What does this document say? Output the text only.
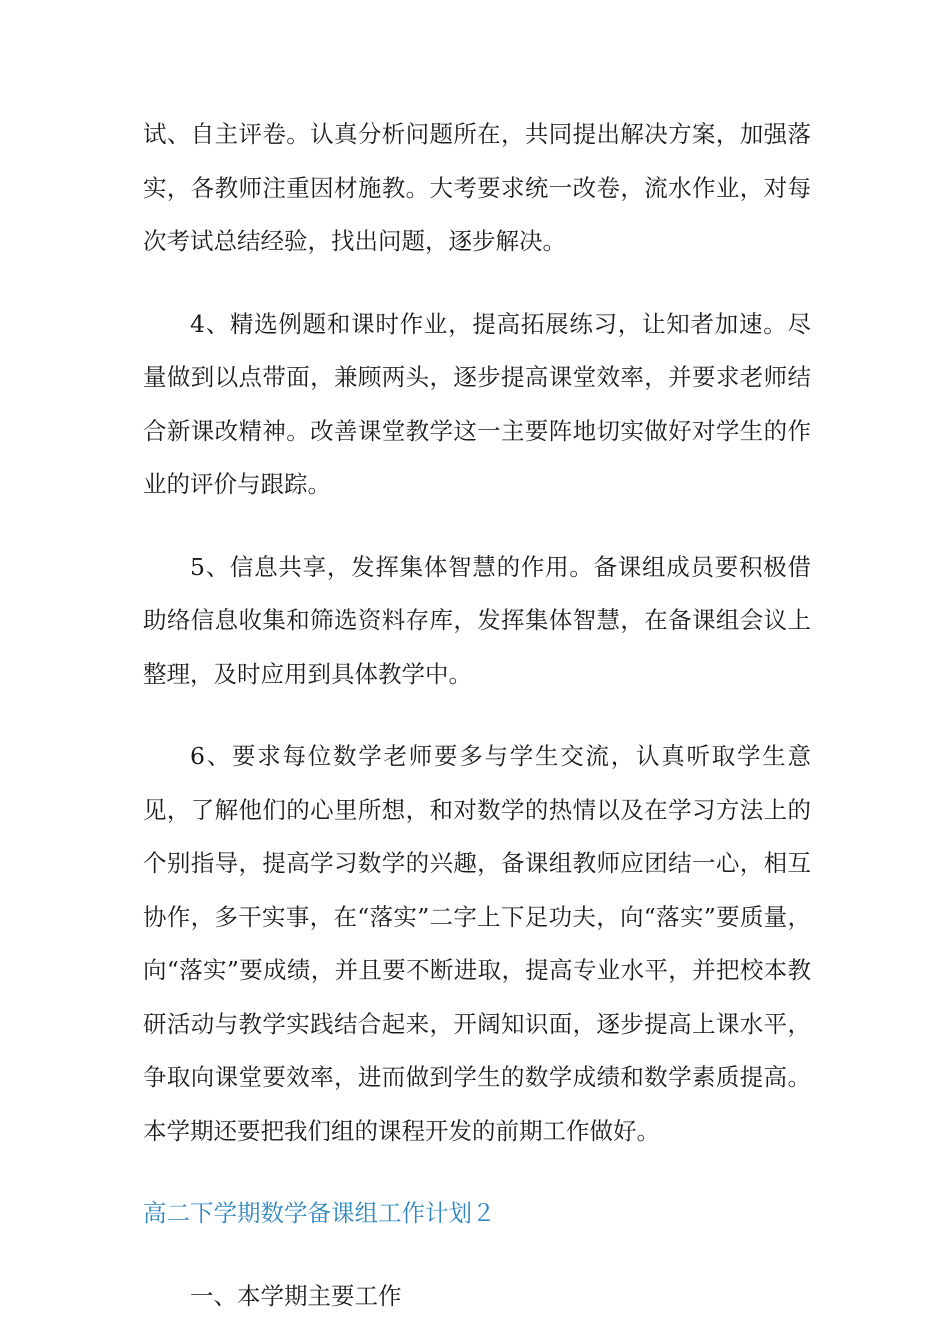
试、自主评卷。认真分析问题所在，共同提出解决方案，加强落实，各教师注重因材施教。大考要求统一改卷，流水作业，对每次考试总结经验，找出问题，逐步解决。

4、精选例题和课时作业，提高拓展练习，让知者加速。尽量做到以点带面，兼顾两头，逐步提高课堂效率，并要求老师结合新课改精神。改善课堂教学这一主要阵地切实做好对学生的作业的评价与跟踪。

5、信息共享，发挥集体智慧的作用。备课组成员要积极借助络信息收集和筛选资料存库，发挥集体智慧，在备课组会议上整理，及时应用到具体教学中。

6、要求每位数学老师要多与学生交流，认真听取学生意见，了解他们的心里所想，和对数学的热情以及在学习方法上的个别指导，提高学习数学的兴趣，备课组教师应团结一心，相互协作，多干实事，在“落实”二字上下足功夫，向“落实”要质量，向“落实”要成绩，并且要不断进取，提高专业水平，并把校本教研活动与教学实践结合起来，开阔知识面，逐步提高上课水平，争取向课堂要效率，进而做到学生的数学成绩和数学素质提高。本学期还要把我们组的课程开发的前期工作做好。

高二下学期数学备课组工作计划２

一、本学期主要工作
